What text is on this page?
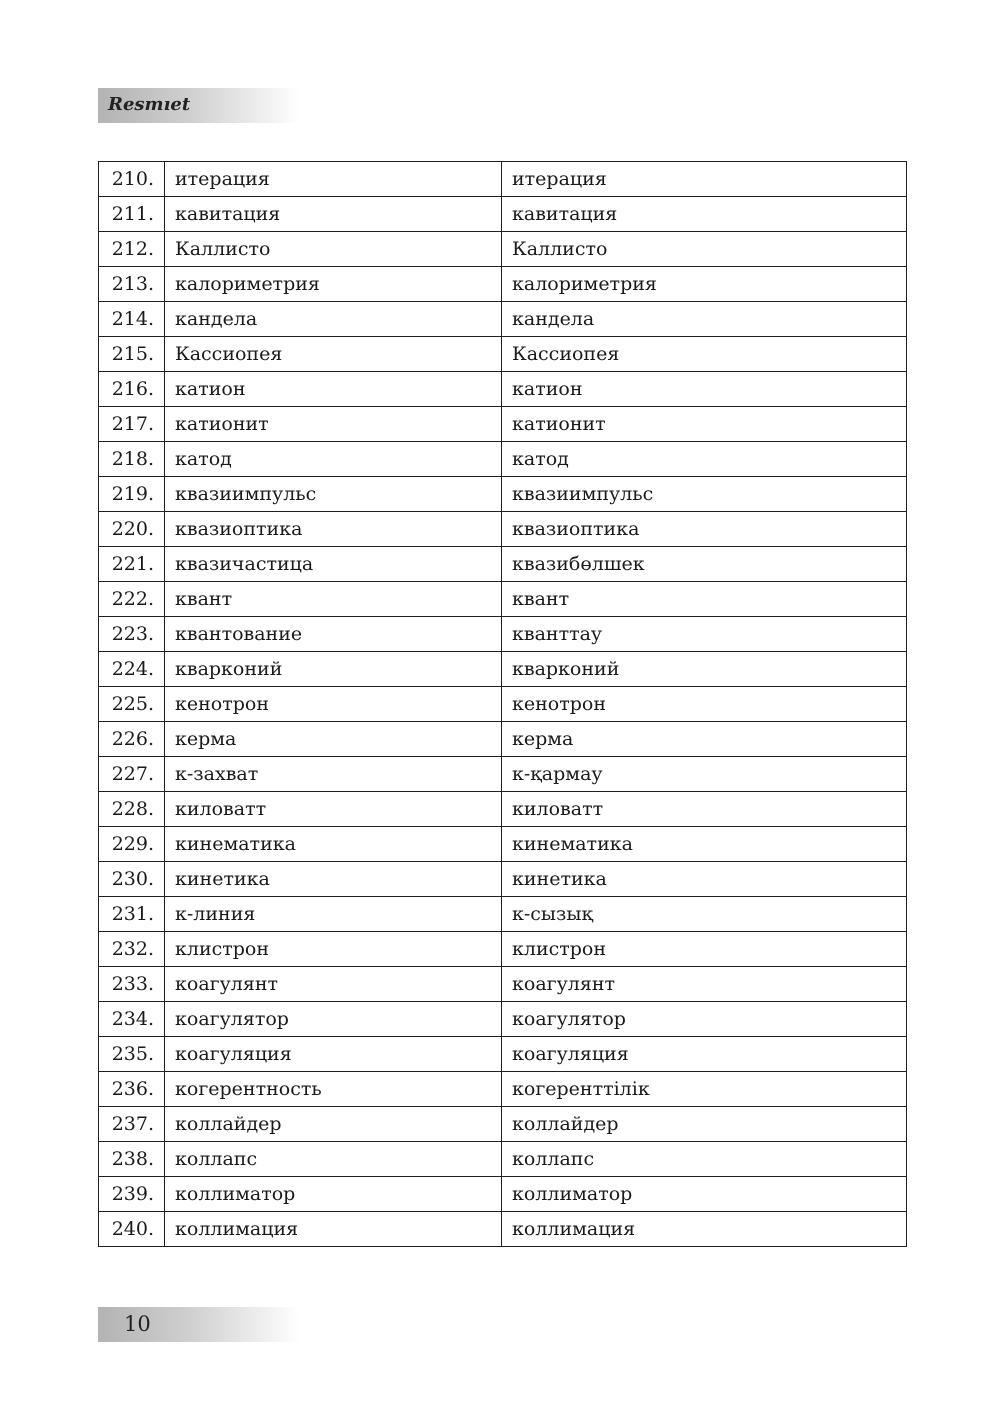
Resmıet
210.	итерация	итерация
211.	кавитация	кавитация
212.	Каллисто	Каллисто
213.	калориметрия	калориметрия
214.	кандела	кандела
215.	Кассиопея	Кассиопея
216.	катион	катион
217.	катионит	катионит
218.	катод	катод
219.	квазиимпульс	квазиимпульс
220.	квазиоптика	квазиоптика
221.	квазичастица	квазибөлшек
222.	квант	квант
223.	квантование	кванттау
224.	кварконий	кварконий
225.	кенотрон	кенотрон
226.	керма	керма
227.	к-захват	к-қармау
228.	киловатт	киловатт
229.	кинематика	кинематика
230.	кинетика	кинетика
231.	к-линия	к-сызық
232.	клистрон	клистрон
233.	коагулянт	коагулянт
234.	коагулятор	коагулятор
235.	коагуляция	коагуляция
236.	когерентность	когеренттілік
237.	коллайдер	коллайдер
238.	коллапс	коллапс
239.	коллиматор	коллиматор
240.	коллимация	коллимация
10
